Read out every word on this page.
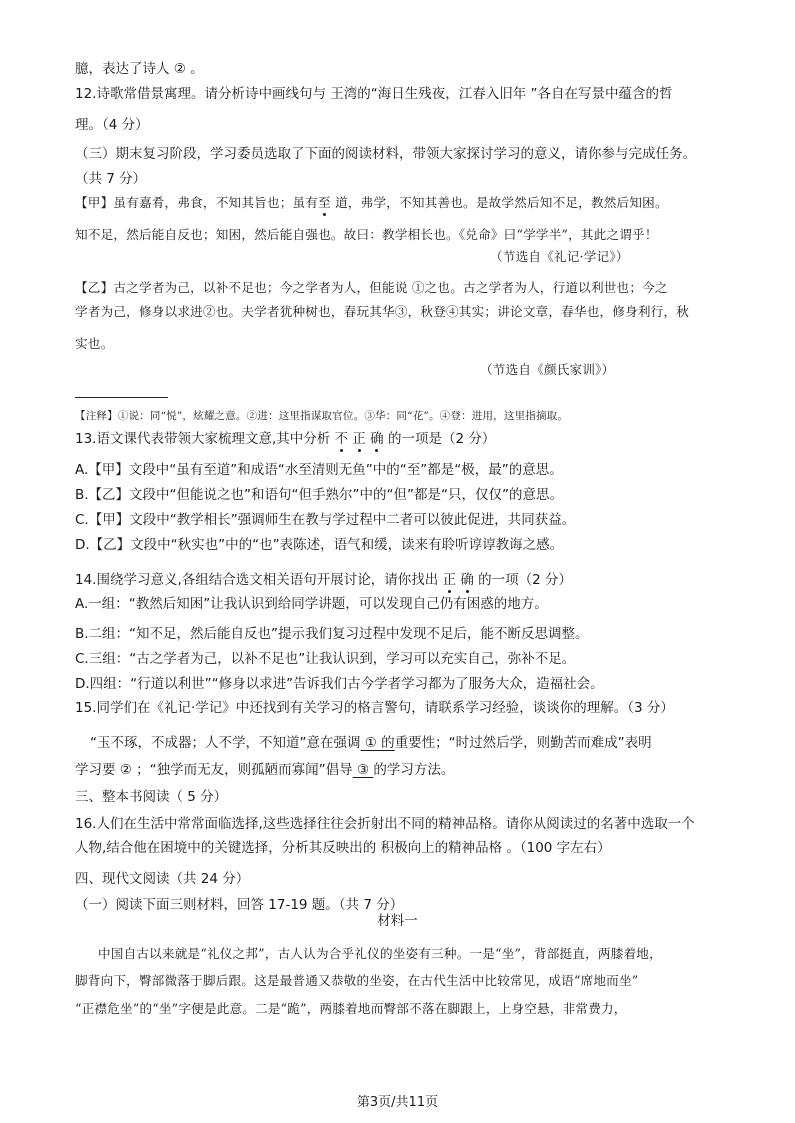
臆，表达了诗人 ② 。
12.诗歌常借景寓理。请分析诗中画线句与 王湾的“海日生残夜，江春入旧年 ”各自在写景中蕴含的哲
理。（4 分）
（三）期末复习阶段，学习委员选取了下面的阅读材料，带领大家探讨学习的意义，请你参与完成任务。
（共 7 分）
【甲】虽有嘉肴，弗食，不知其旨也；虽有至 道，弗学，不知其善也。是故学然后知不足，教然后知困。
知不足，然后能自反也；知困，然后能自强也。故曰：教学相长也。《兑命》曰“学学半”，其此之谓乎！
（节选自《礼记·学记》）
【乙】古之学者为己，以补不足也；今之学者为人，但能说 ①之也。古之学者为人，行道以利世也；今之
学者为己，修身以求进②也。夫学者犹种树也，春玩其华③，秋登④其实；讲论文章，春华也，修身利行，秋
实也。
（节选自《颜氏家训》）
【注释】①说：同“悦”，炫耀之意。②进：这里指谋取官位。③华：同“花”。④登：进用，这里指摘取。
13.语文课代表带领大家梳理文意,其中分析 不 正 确 的一项是（2 分）
A.【甲】文段中“虽有至道”和成语“水至清则无鱼”中的“至”都是“极，最”的意思。
B.【乙】文段中“但能说之也”和语句“但手熟尔”中的“但”都是“只，仅仅”的意思。
C.【甲】文段中“教学相长”强调师生在教与学过程中二者可以彼此促进，共同获益。
D.【乙】文段中“秋实也”中的“也”表陈述，语气和缓，读来有聆听谆谆教诲之感。
14.围绕学习意义,各组结合选文相关语句开展讨论，请你找出 正 确 的一项（2 分）
A.一组：“教然后知困”让我认识到给同学讲题，可以发现自己仍有困惑的地方。
B.二组：“知不足，然后能自反也”提示我们复习过程中发现不足后，能不断反思调整。
C.三组：“古之学者为己，以补不足也”让我认识到，学习可以充实自己，弥补不足。
D.四组：“行道以利世”“修身以求进”告诉我们古今学者学习都为了服务大众，造福社会。
15.同学们在《礼记·学记》中还找到有关学习的格言警句，请联系学习经验，谈谈你的理解。（3 分）
“玉不琢，不成器；人不学，不知道”意在强调 ① 的重要性；“时过然后学，则勤苦而难成”表明
学习要 ② ；“独学而无友，则孤陋而寡闻”倡导 ③ 的学习方法。
三、整本书阅读（ 5 分）
16.人们在生活中常常面临选择,这些选择往往会折射出不同的精神品格。请你从阅读过的名著中选取一个
人物,结合他在困境中的关键选择，分析其反映出的 积极向上的精神品格 。（100 字左右）
四、现代文阅读（共 24 分）
（一）阅读下面三则材料，回答 17-19 题。（共 7 分）
材料一
中国自古以来就是“礼仪之邦”，古人认为合乎礼仪的坐姿有三种。一是“坐”，背部挺直，两膝着地，
脚背向下，臀部微落于脚后跟。这是最普通又恭敬的坐姿，在古代生活中比较常见，成语“席地而坐”
“正襟危坐”的“坐”字便是此意。二是“跪”，两膝着地而臀部不落在脚跟上，上身空悬，非常费力，
第3页/共11页
